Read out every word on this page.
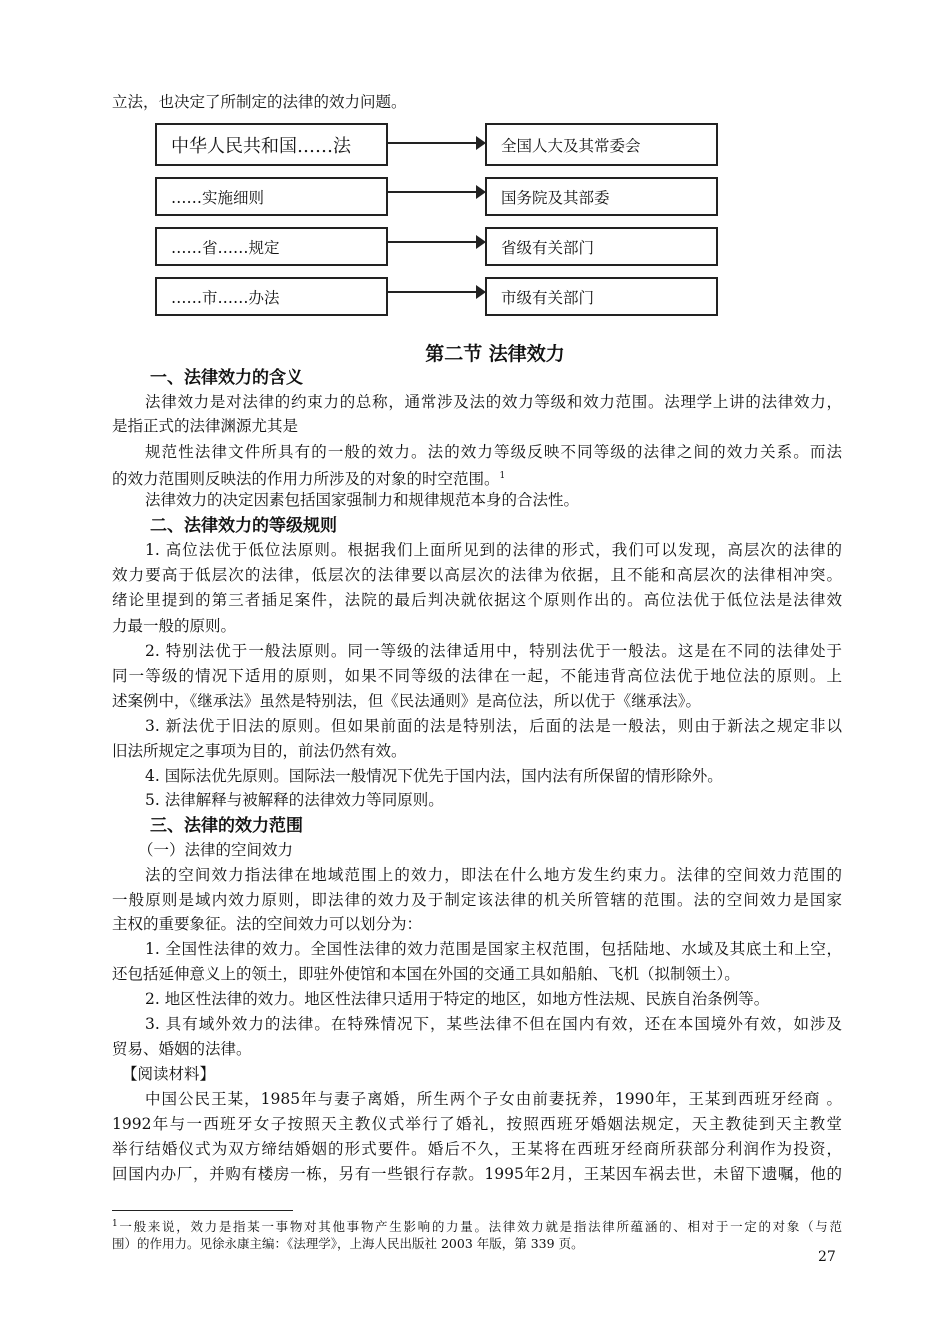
立法，也决定了所制定的法律的效力问题。
中华人民共和国……法	全国人大及其常委会
……实施细则	国务院及其部委
……省……规定	省级有关部门
……市……办法	市级有关部门
第二节 法律效力
一、法律效力的含义
法律效力是对法律的约束力的总称，通常涉及法的效力等级和效力范围。法理学上讲的法律效力，
是指正式的法律渊源尤其是
规范性法律文件所具有的一般的效力。法的效力等级反映不同等级的法律之间的效力关系。而法
的效力范围则反映法的作用力所涉及的对象的时空范围。$^1$
法律效力的决定因素包括国家强制力和规律规范本身的合法性。
二、法律效力的等级规则
1. 高位法优于低位法原则。根据我们上面所见到的法律的形式，我们可以发现，高层次的法律的
效力要高于低层次的法律，低层次的法律要以高层次的法律为依据，且不能和高层次的法律相冲突。
绪论里提到的第三者插足案件，法院的最后判决就依据这个原则作出的。高位法优于低位法是法律效
力最一般的原则。
2. 特别法优于一般法原则。同一等级的法律适用中，特别法优于一般法。这是在不同的法律处于
同一等级的情况下适用的原则，如果不同等级的法律在一起，不能违背高位法优于地位法的原则。上
述案例中，《继承法》虽然是特别法，但《民法通则》是高位法，所以优于《继承法》。
3. 新法优于旧法的原则。但如果前面的法是特别法，后面的法是一般法，则由于新法之规定非以
旧法所规定之事项为目的，前法仍然有效。
4. 国际法优先原则。国际法一般情况下优先于国内法，国内法有所保留的情形除外。
5. 法律解释与被解释的法律效力等同原则。
三、法律的效力范围
（一）法律的空间效力
法的空间效力指法律在地域范围上的效力，即法在什么地方发生约束力。法律的空间效力范围的
一般原则是域内效力原则，即法律的效力及于制定该法律的机关所管辖的范围。法的空间效力是国家
主权的重要象征。法的空间效力可以划分为：
1. 全国性法律的效力。全国性法律的效力范围是国家主权范围，包括陆地、水域及其底土和上空，
还包括延伸意义上的领土，即驻外使馆和本国在外国的交通工具如船舶、飞机（拟制领土）。
2. 地区性法律的效力。地区性法律只适用于特定的地区，如地方性法规、民族自治条例等。
3. 具有域外效力的法律。在特殊情况下，某些法律不但在国内有效，还在本国境外有效，如涉及
贸易、婚姻的法律。
【阅读材料】
中国公民王某，1985年与妻子离婚，所生两个子女由前妻抚养，1990年，王某到西班牙经商 。
1992年与一西班牙女子按照天主教仪式举行了婚礼，按照西班牙婚姻法规定，天主教徒到天主教堂
举行结婚仪式为双方缔结婚姻的形式要件。婚后不久，王某将在西班牙经商所获部分利润作为投资，
回国内办厂，并购有楼房一栋，另有一些银行存款。1995年2月，王某因车祸去世，未留下遗嘱，他的
$^1$一般来说，效力是指某一事物对其他事物产生影响的力量。法律效力就是指法律所蕴涵的、相对于一定的对象（与范
围）的作用力。见徐永康主编：《法理学》，上海人民出版社 2003 年版，第 339 页。
27
